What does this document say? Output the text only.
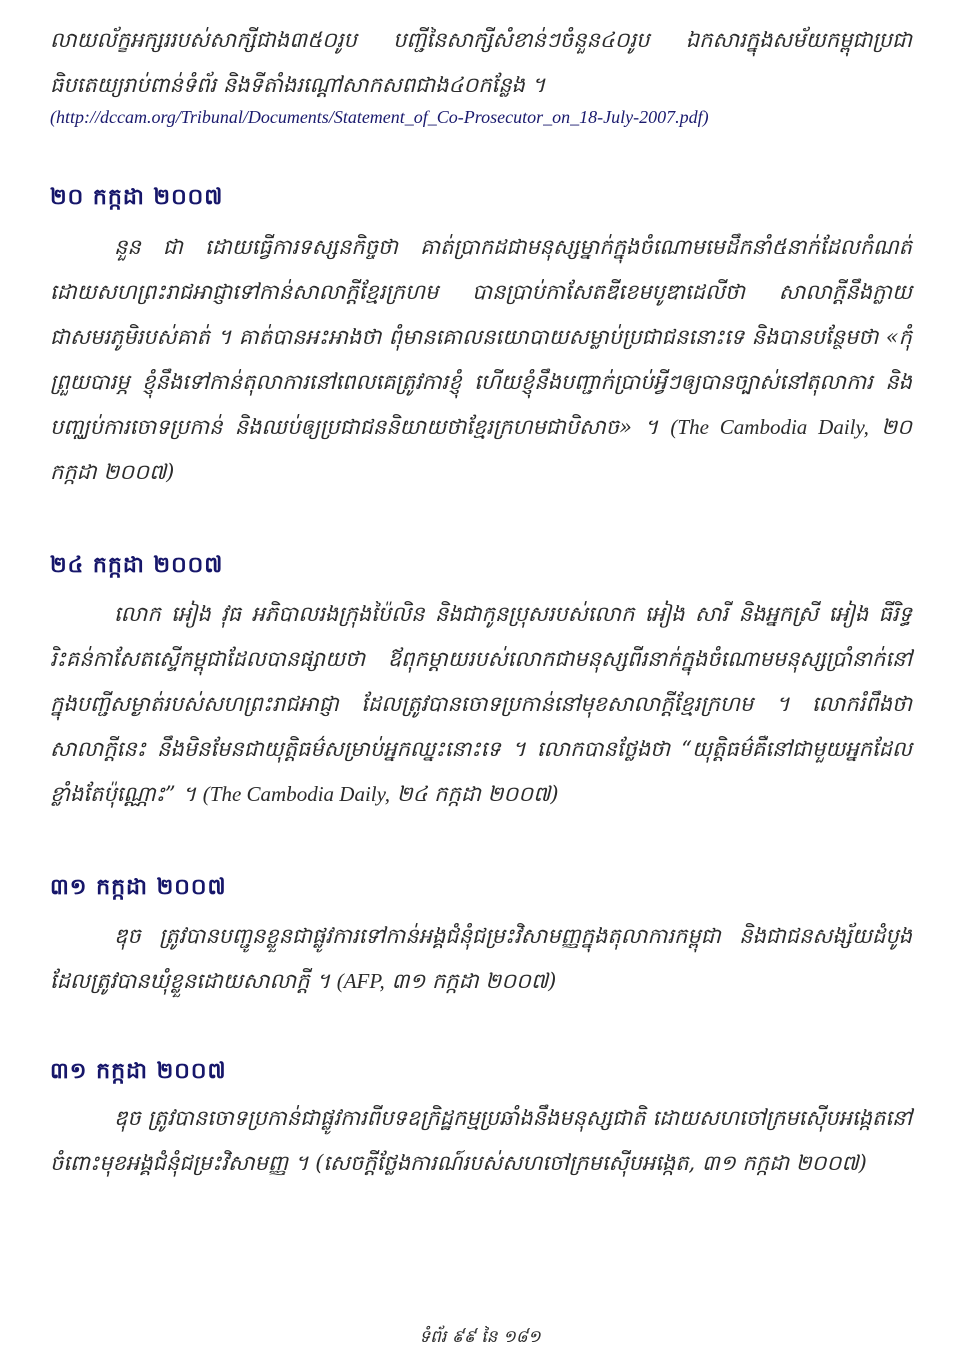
លាយល័ក្ខអក្សររបស់សាក្សីជាង៣៥០រូប បញ្ជីនៃសាក្សីសំខាន់ៗចំនួន៤០រូប ឯកសារក្នុងសម័យកម្ពុជាប្រជាធិបតេយ្យរាប់ពាន់ទំព័រ និងទីតាំងរណ្តៅសាកសពជាង៤០កន្លែង ។

(http://dccam.org/Tribunal/Documents/Statement_of_Co-Prosecutor_on_18-July-2007.pdf)

២០ កក្កដា ២០០៧

នួន ជា ដោយធ្វើការទស្សនកិច្ចថា គាត់ប្រាកដជាមនុស្សម្នាក់ក្នុងចំណោមមេដឹកនាំ៥នាក់ដែលកំណត់ដោយសហព្រះរាជអាជ្ញាទៅកាន់សាលាក្តីខ្មែរក្រហម បានប្រាប់កាសែតឌីខេមបូឌាដេលីថា សាលាក្តីនឹងក្លាយជាសមរភូមិរបស់គាត់ ។ គាត់បានអះអាងថា ពុំមានគោលនយោបាយសម្លាប់ប្រជាជននោះទេ និងបានបន្ថែមថា «កុំព្រួយបារម្ភ ខ្ញុំនឹងទៅកាន់តុលាការនៅពេលគេត្រូវការខ្ញុំ ហើយខ្ញុំនឹងបញ្ជាក់ប្រាប់អ្វីៗឲ្យបានច្បាស់នៅតុលាការ និងបញ្ឈប់ការចោទប្រកាន់ និងឈប់ឲ្យប្រជាជននិយាយថាខ្មែរក្រហមជាបិសាច» ។ (The Cambodia Daily, ២០ កក្កដា ២០០៧)

២៤ កក្កដា ២០០៧

លោក អៀង វុធ អភិបាលរងក្រុងប៉ៃលិន និងជាកូនប្រុសរបស់លោក អៀង សារី និងអ្នកស្រី អៀង ធីរិទ្ធ រិះគន់កាសែតស្ទើកម្ពុជាដែលបានផ្សាយថា ឪពុកម្តាយរបស់លោកជាមនុស្សពីរនាក់ក្នុងចំណោមមនុស្សប្រាំនាក់នៅក្នុងបញ្ជីសម្ងាត់របស់សហព្រះរាជអាជ្ញា ដែលត្រូវបានចោទប្រកាន់នៅមុខសាលាក្តីខ្មែរក្រហម ។ លោករំពឹងថាសាលាក្តីនេះ នឹងមិនមែនជាយុត្តិធម៌សម្រាប់អ្នកឈ្នះនោះទេ ។ លោកបានថ្លែងថា “យុត្តិធម៌គឺនៅជាមួយអ្នកដែលខ្លាំងតែប៉ុណ្ណោះ” ។ (The Cambodia Daily, ២៤ កក្កដា ២០០៧)

៣១ កក្កដា ២០០៧

ឌុច ត្រូវបានបញ្ជូនខ្លួនជាផ្លូវការទៅកាន់អង្គជំនុំជម្រះវិសាមញ្ញក្នុងតុលាការកម្ពុជា និងជាជនសង្ស័យដំបូងដែលត្រូវបានឃុំខ្លួនដោយសាលាក្តី ។ (AFP, ៣១ កក្កដា ២០០៧)

៣១ កក្កដា ២០០៧

ឌុច ត្រូវបានចោទប្រកាន់ជាផ្លូវការពីបទឧក្រិដ្ឋកម្មប្រឆាំងនឹងមនុស្សជាតិ ដោយសហចៅក្រមស៊ើបអង្កេតនៅចំពោះមុខអង្គជំនុំជម្រះវិសាមញ្ញ ។ (សេចក្តីថ្លែងការណ៍របស់សហចៅក្រមស៊ើបអង្កេត, ៣១ កក្កដា ២០០៧)

ទំព័រ ៩៩ នៃ ១៨១
